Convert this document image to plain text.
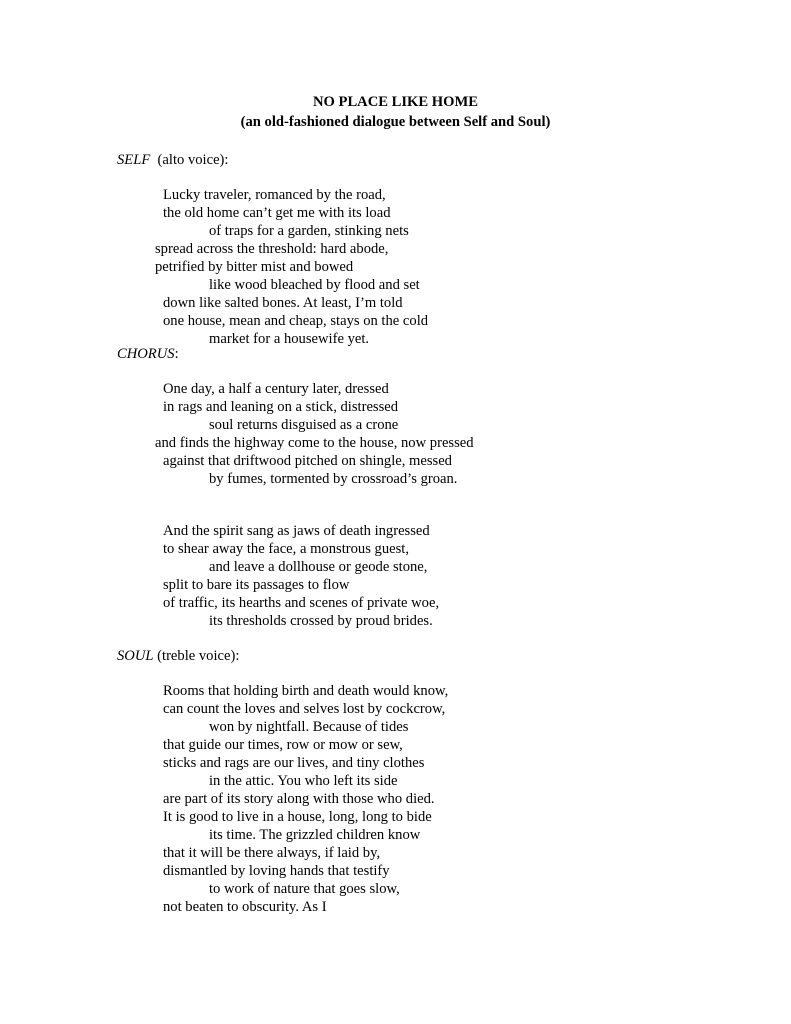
NO PLACE LIKE HOME
(an old-fashioned dialogue between Self and Soul)
SELF  (alto voice):
Lucky traveler, romanced by the road,
the old home can’t get me with its load
of traps for a garden, stinking nets
spread across the threshold: hard abode,
petrified by bitter mist and bowed
like wood bleached by flood and set
down like salted bones. At least, I’m told
one house, mean and cheap, stays on the cold
market for a housewife yet.
CHORUS:
One day, a half a century later, dressed
in rags and leaning on a stick, distressed
soul returns disguised as a crone
and finds the highway come to the house, now pressed
against that driftwood pitched on shingle, messed
by fumes, tormented by crossroad’s groan.
And the spirit sang as jaws of death ingressed
to shear away the face, a monstrous guest,
and leave a dollhouse or geode stone,
split to bare its passages to flow
of traffic, its hearths and scenes of private woe,
its thresholds crossed by proud brides.
SOUL (treble voice):
Rooms that holding birth and death would know,
can count the loves and selves lost by cockcrow,
won by nightfall. Because of tides
that guide our times, row or mow or sew,
sticks and rags are our lives, and tiny clothes
in the attic. You who left its side
are part of its story along with those who died.
It is good to live in a house, long, long to bide
its time. The grizzled children know
that it will be there always, if laid by,
dismantled by loving hands that testify
to work of nature that goes slow,
not beaten to obscurity. As I
